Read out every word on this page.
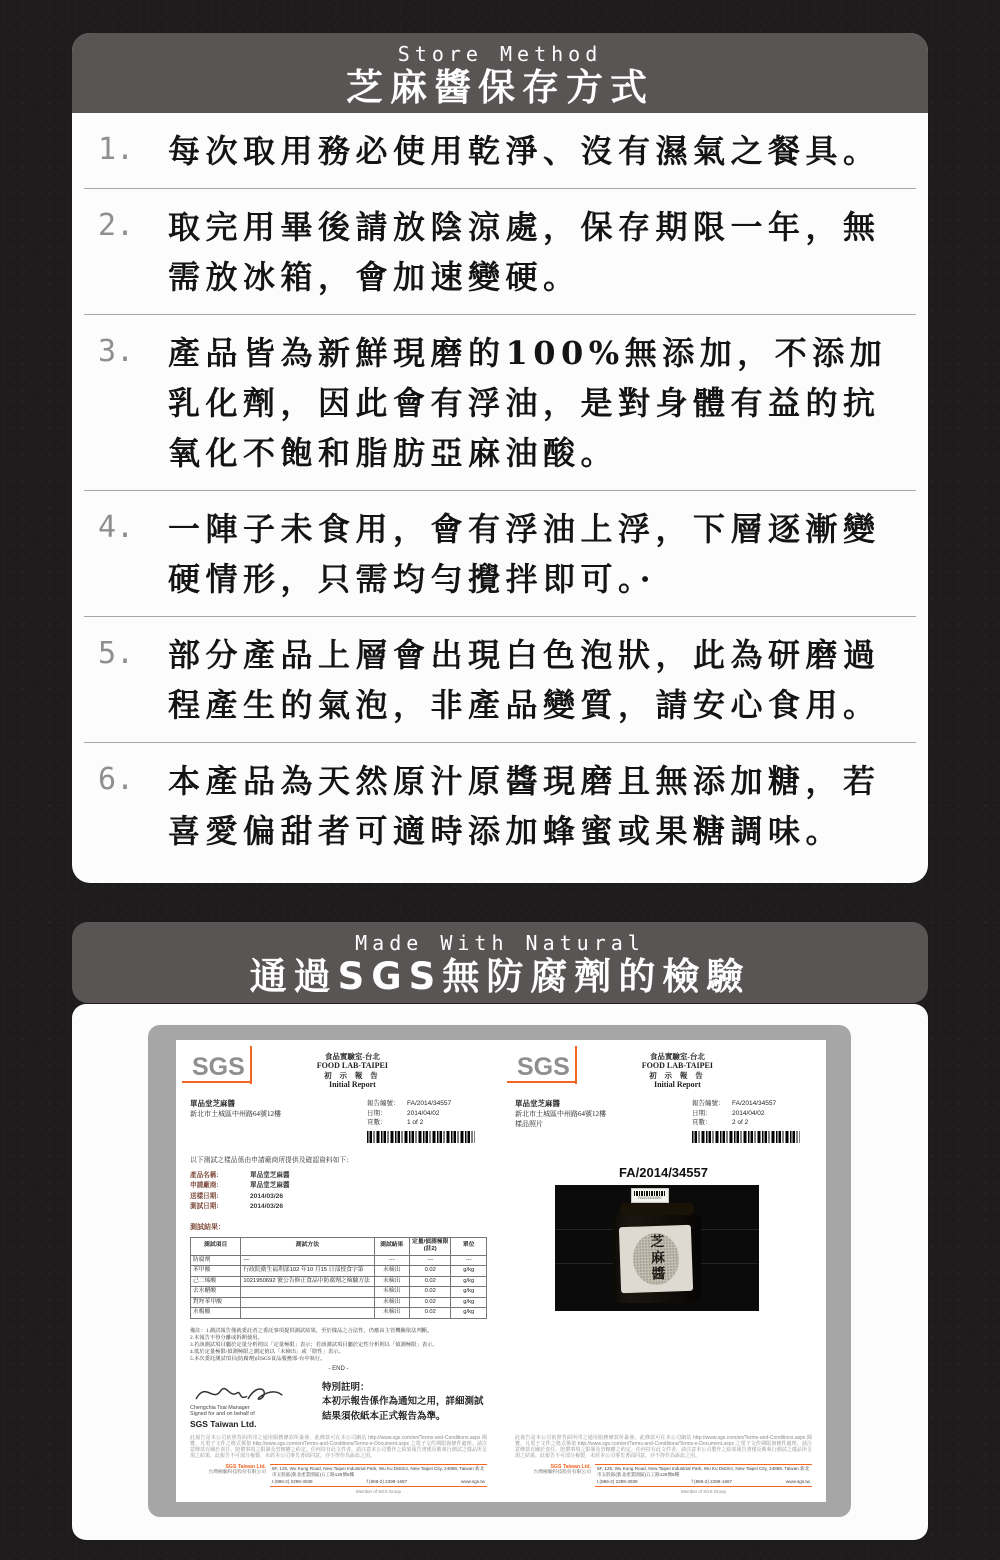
Store Method
芝麻醬保存方式
1.	每次取用務必使用乾淨、沒有濕氣之餐具。
2.	取完用畢後請放陰涼處，保存期限一年，無需放冰箱，會加速變硬。
3.	產品皆為新鮮現磨的100%無添加，不添加乳化劑，因此會有浮油，是對身體有益的抗氧化不飽和脂肪亞麻油酸。
4.	一陣子未食用，會有浮油上浮，下層逐漸變硬情形，只需均勻攪拌即可。·
5.	部分產品上層會出現白色泡狀，此為研磨過程產生的氣泡，非產品變質，請安心食用。
6.	本產品為天然原汁原醬現磨且無添加糖，若喜愛偏甜者可適時添加蜂蜜或果糖調味。
Made With Natural
通過SGS無防腐劑的檢驗
SGS	食品實驗室-台北
FOOD LAB-TAIPEI
初 示 報 告
Initial Report
單品堂芝麻醬
新北市土城區中州路64號12樓
報告編號：	FA/2014/34557
日期：	2014/04/02
頁數：	1 of 2
以下測試之樣品係由申請廠商所提供及確認資料如下:
產品名稱:	單品堂芝麻醬
申請廠商:	單品堂芝麻醬
送樣日期:	2014/03/26
測試日期:	2014/03/26
測試結果：
測試項目	測試方法	測試結果	定量/偵測極限(註2)	單位
防腐劑	—	---	---	---
苯甲酸	行政院衛生福利部102 年10 月15 日部授食字第	未檢出	0.02	g/kg
己二烯酸	1021950692 號公告修正食品中防腐劑之檢驗方法	未檢出	0.02	g/kg
去水醋酸		未檢出	0.02	g/kg
對羥苯甲酸		未檢出	0.02	g/kg
水楊酸		未檢出	0.02	g/kg
備註：1.測試報告僅就委託者之委託事項提供測試結果，至於樣品之合法性，仍應由主管機關依法判斷。
2.本報告不得分離或拆開使用。
3.若該測試項目屬於定量分析則以「定量極限」表示；若該測試項目屬於定性分析則以「偵測極限」表示。
4.低於定量極限/偵測極限之測定值以「未檢出」或「陰性」表示。
5.本次委託測試項目(防腐劑)由SGS食品服務部-台中執行。
- END -
Chengchia Tsai Manager
Signed for and on behalf of
SGS Taiwan Ltd.
特別註明：
本初示報告係作為通知之用，詳細測試結果須依紙本正式報告為準。
此報告是本公司依照背面所印之通用服務條款所簽發，此條款可在本公司網站 http://www.sgs.com/en/Terms-and-Conditions.aspx 閱覽，凡電子文件之格式係依 http://www.sgs.com/en/Terms-and-Conditions/Terms-e-Document.aspx 之電子文件期限與條件處理。請注意條款有關於責任、賠償事項之限制及管轄權之約定。任何持有此文件者，請注意本公司製作之結果報告書僅反映執行測試之樣品所呈現之結果，此報告不可部分複製，未經本公司事先書面同意，亦不得作為訴訟之用。
SGS Taiwan Ltd.
台灣檢驗科技股份有限公司
5F, 125, Wu Kung Road, New Taipei Industrial Park, Wu Ku District, New Taipei City, 24886, Taiwan 新北市五股區(新北產業園區)五工路125號5樓
t (886-2) 2299-3939	f (886-2) 2299-1687	www.sgs.tw
Member of SGS Group
SGS	食品實驗室-台北
FOOD LAB-TAIPEI
初 示 報 告
Initial Report
單品堂芝麻醬
新北市土城區中州路64號12樓
樣品照片
報告編號：	FA/2014/34557
日期：	2014/04/02
頁數：	2 of 2
FA/2014/34557
芝麻醬
FA/2014/34557
此報告是本公司依照背面所印之通用服務條款所簽發，此條款可在本公司網站 http://www.sgs.com/en/Terms-and-Conditions.aspx 閱覽，凡電子文件之格式係依 http://www.sgs.com/en/Terms-and-Conditions/Terms-e-Document.aspx 之電子文件期限與條件處理。請注意條款有關於責任、賠償事項之限制及管轄權之約定。任何持有此文件者，請注意本公司製作之結果報告書僅反映執行測試之樣品所呈現之結果，此報告不可部分複製，未經本公司事先書面同意，亦不得作為訴訟之用。
SGS Taiwan Ltd.
台灣檢驗科技股份有限公司
5F, 125, Wu Kung Road, New Taipei Industrial Park, Wu Ku District, New Taipei City, 24886, Taiwan 新北市五股區(新北產業園區)五工路125號5樓
t (886-2) 2299-3939	f (886-2) 2299-1687	www.sgs.tw
Member of SGS Group
